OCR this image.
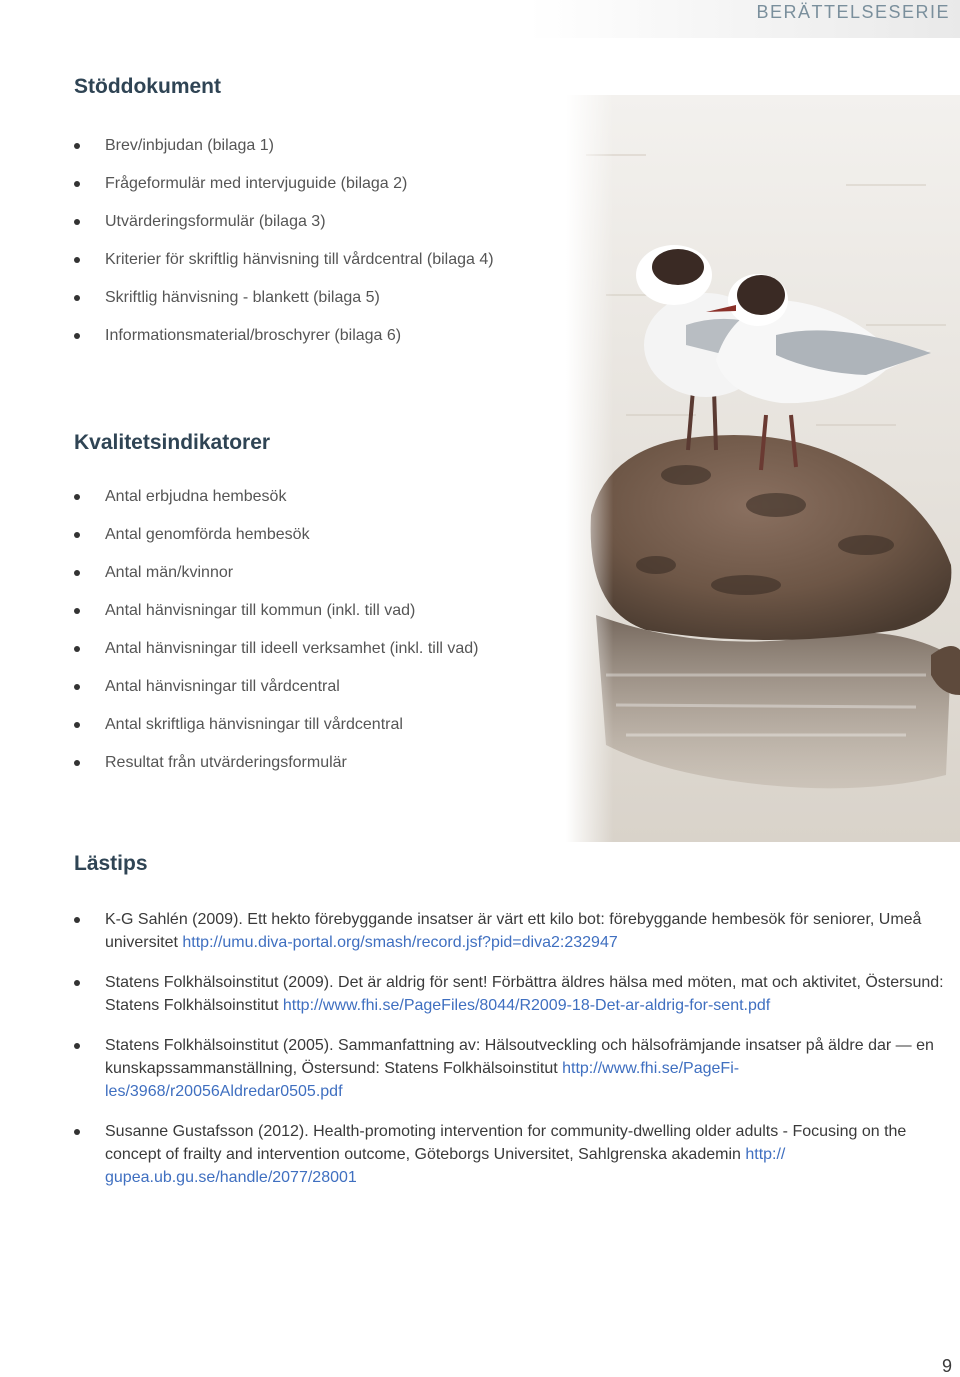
BERÄTTELSESERIE
Stöddokument
Brev/inbjudan (bilaga 1)
Frågeformulär med intervjuguide (bilaga 2)
Utvärderingsformulär (bilaga 3)
Kriterier för skriftlig hänvisning till vårdcentral (bilaga 4)
Skriftlig hänvisning - blankett (bilaga 5)
Informationsmaterial/broschyrer (bilaga 6)
Kvalitetsindikatorer
Antal erbjudna hembesök
Antal genomförda hembesök
Antal män/kvinnor
Antal hänvisningar till kommun (inkl. till vad)
Antal hänvisningar till ideell verksamhet (inkl. till vad)
Antal hänvisningar till vårdcentral
Antal skriftliga hänvisningar till vårdcentral
Resultat från utvärderingsformulär
Lästips
K-G Sahlén (2009). Ett hekto förebyggande insatser är värt ett kilo bot: förebyggande hembesök för seniorer, Umeå universitet http://umu.diva-portal.org/smash/record.jsf?pid=diva2:232947
Statens Folkhälsoinstitut (2009). Det är aldrig för sent! Förbättra äldres hälsa med möten, mat och aktivitet, Östersund: Statens Folkhälsoinstitut http://www.fhi.se/PageFiles/8044/R2009-18-Det-ar-aldrig-for-sent.pdf
Statens Folkhälsoinstitut (2005). Sammanfattning av: Hälsoutveckling och hälsofrämjande insatser på äldre dar — en kunskapssammanställning, Östersund: Statens Folkhälsoinstitut http://www.fhi.se/PageFi-les/3968/r20056Aldredar0505.pdf
Susanne Gustafsson (2012). Health-promoting intervention for community-dwelling older adults - Focusing on the concept of frailty and intervention outcome, Göteborgs Universitet, Sahlgrenska akademin http:// gupea.ub.gu.se/handle/2077/28001
9
